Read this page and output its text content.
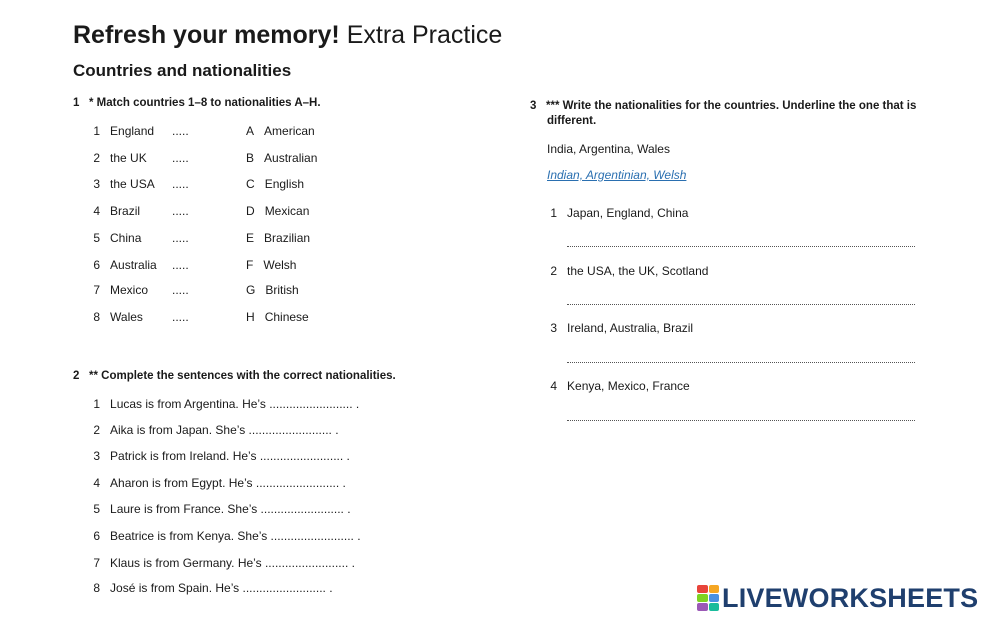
Refresh your memory! Extra Practice
Countries and nationalities
1 * Match countries 1–8 to nationalities A–H.
1 England .....
2 the UK .....
3 the USA .....
4 Brazil	.....
5 China	.....
6 Australia .....
7 Mexico .....
8 Wales .....
A American
B Australian
C English
D Mexican
E Brazilian
F Welsh
G British
H Chinese
2 ** Complete the sentences with the correct nationalities.
1 Lucas is from Argentina. He’s ......................... .
2 Aika is from Japan. She’s ......................... .
3 Patrick is from Ireland. He’s ......................... .
4 Aharon is from Egypt. He’s ......................... .
5 Laure is from France. She’s ......................... .
6 Beatrice is from Kenya. She’s ......................... .
7 Klaus is from Germany. He’s ......................... .
8 José is from Spain. He’s ......................... .
3 *** Write the nationalities for the countries. Underline the one that is
different.
India, Argentina, Wales
Indian, Argentinian, Welsh
1 Japan, England, China
2 the USA, the UK, Scotland
3 Ireland, Australia, Brazil
4 Kenya, Mexico, France
LIVEWORKSHEETS
